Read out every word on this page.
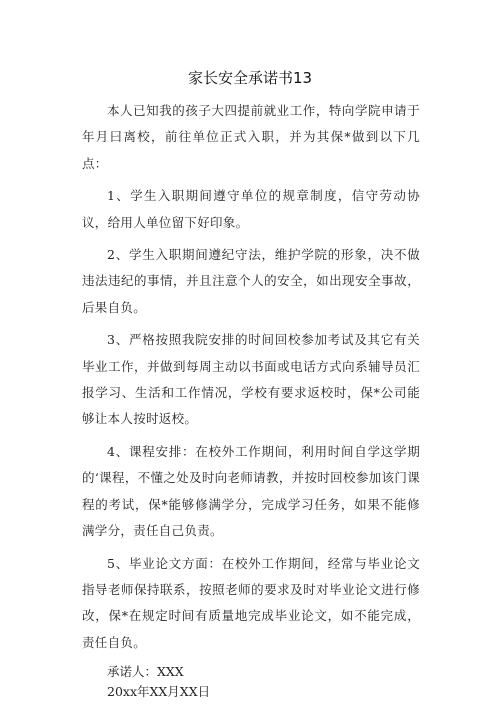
家长安全承诺书13

本人已知我的孩子大四提前就业工作，特向学院申请于年月曰离校，前往单位正式入职，并为其保*做到以下几点：

1、学生入职期间遵守单位的规章制度，信守劳动协议，给用人单位留下好印象。

2、学生入职期间遵纪守法，维护学院的形象，决不做违法违纪的事情，并且注意个人的安全，如出现安全事故，后果自负。

3、严格按照我院安排的时间回校参加考试及其它有关毕业工作，并做到每周主动以书面或电话方式向系辅导员汇报学习、生活和工作情况，学校有要求返校时，保*公司能够让本人按时返校。

4、课程安排：在校外工作期间，利用时间自学这学期的‘课程，不懂之处及时向老师请教，并按时回校参加该门课程的考试，保*能够修满学分，完成学习任务，如果不能修满学分，责任自己负责。

5、毕业论文方面：在校外工作期间，经常与毕业论文指导老师保持联系，按照老师的要求及时对毕业论文进行修改，保*在规定时间有质量地完成毕业论文，如不能完成，责任自负。

承诺人：XXX

20xx年XX月XX日
